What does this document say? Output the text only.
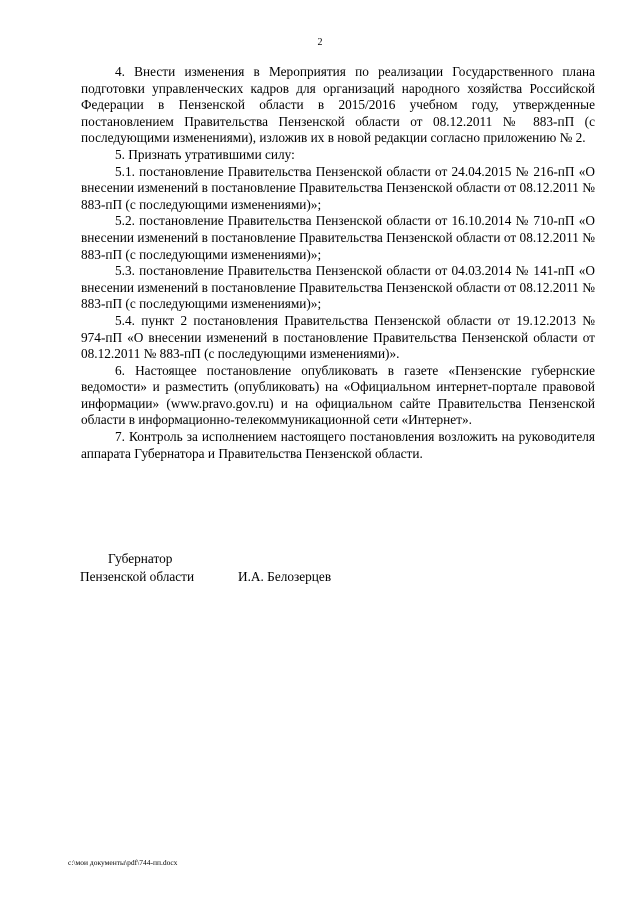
2

4. Внести изменения в Мероприятия по реализации Государственного плана подготовки управленческих кадров для организаций народного хозяйства Российской Федерации в Пензенской области в 2015/2016 учебном году, утвержденные постановлением Правительства Пензенской области от 08.12.2011 № 883-пП (с последующими изменениями), изложив их в новой редакции согласно приложению № 2.

5. Признать утратившими силу:

5.1. постановление Правительства Пензенской области от 24.04.2015 № 216-пП «О внесении изменений в постановление Правительства Пензенской области от 08.12.2011 № 883-пП (с последующими изменениями)»;

5.2. постановление Правительства Пензенской области от 16.10.2014 № 710-пП «О внесении изменений в постановление Правительства Пензенской области от 08.12.2011 № 883-пП (с последующими изменениями)»;

5.3. постановление Правительства Пензенской области от 04.03.2014 № 141-пП «О внесении изменений в постановление Правительства Пензенской области от 08.12.2011 № 883-пП (с последующими изменениями)»;

5.4. пункт 2 постановления Правительства Пензенской области от 19.12.2013 № 974-пП «О внесении изменений в постановление Правительства Пензенской области от 08.12.2011 № 883-пП (с последующими изменениями)».

6. Настоящее постановление опубликовать в газете «Пензенские губернские ведомости» и разместить (опубликовать) на «Официальном интернет-портале правовой информации» (www.pravo.gov.ru) и на официальном сайте Правительства Пензенской области в информационно-телекоммуникационной сети «Интернет».

7. Контроль за исполнением настоящего постановления возложить на руководителя аппарата Губернатора и Правительства Пензенской области.

Губернатор
Пензенской области	И.А. Белозерцев
c:\мои документы\pdf\744-пп.docx
